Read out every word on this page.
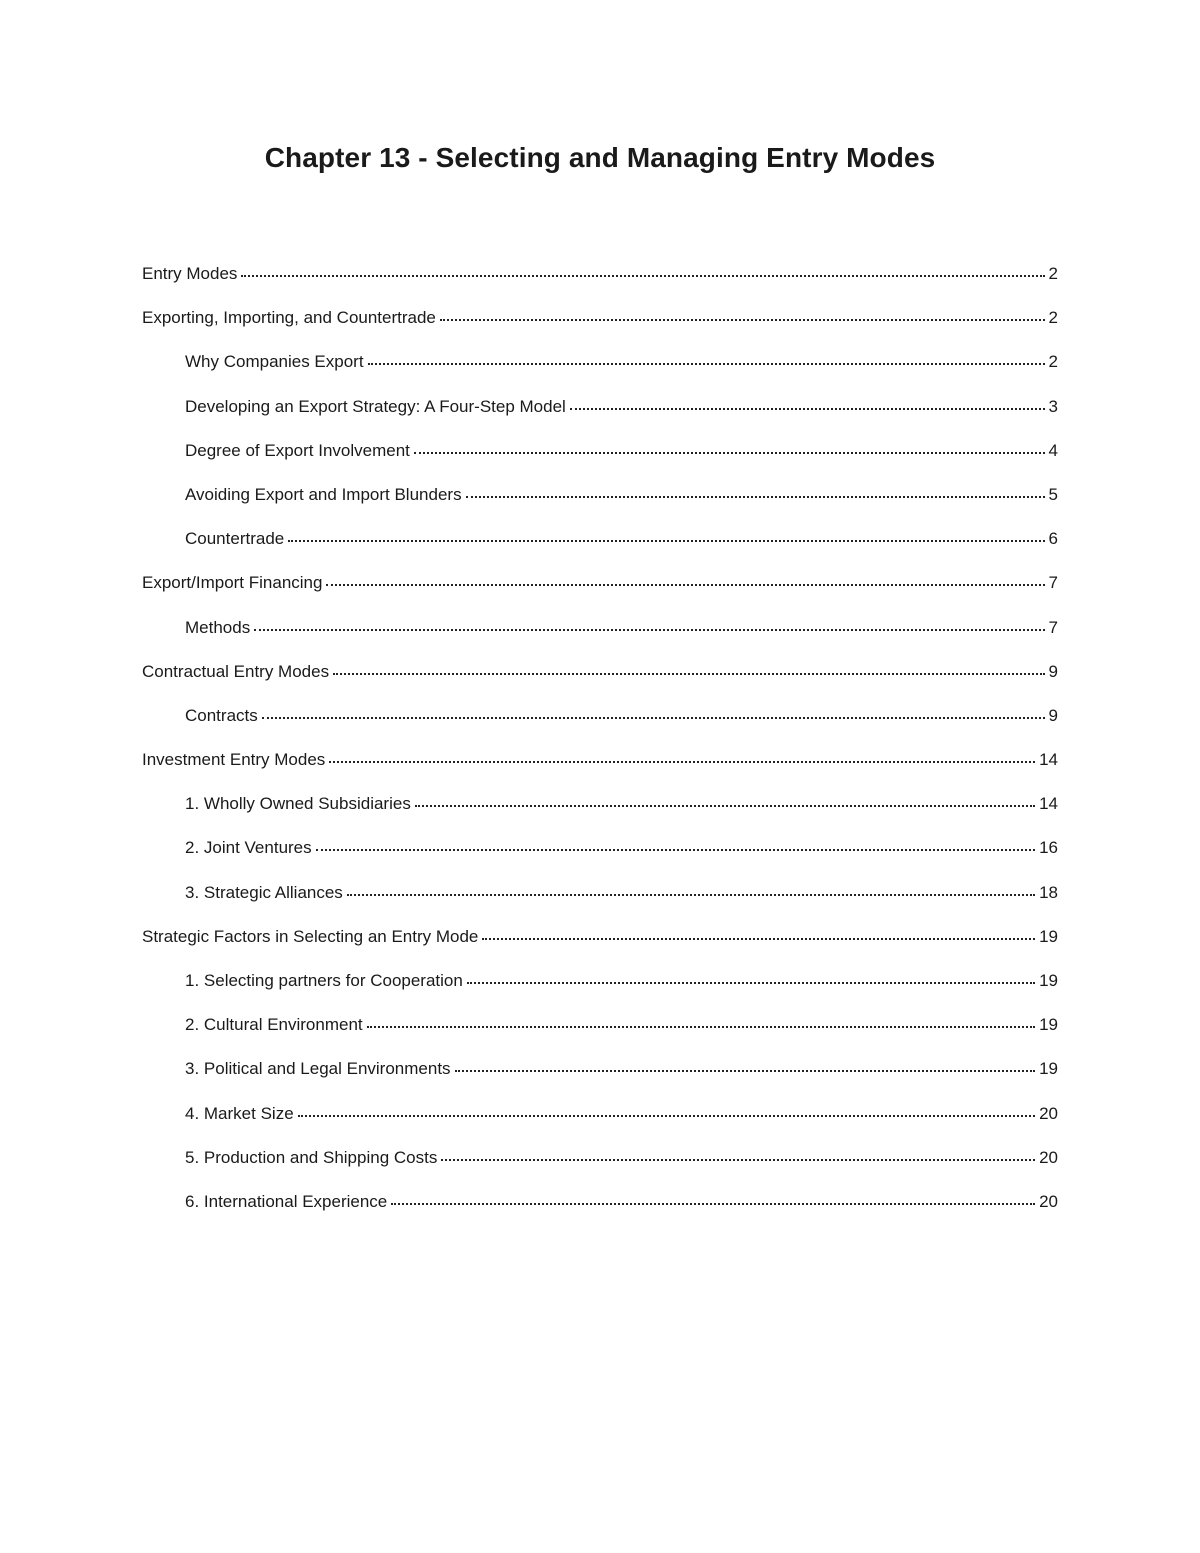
Chapter 13 - Selecting and Managing Entry Modes
Entry Modes	2
Exporting, Importing, and Countertrade	2
Why Companies Export	2
Developing an Export Strategy: A Four-Step Model	3
Degree of Export Involvement	4
Avoiding Export and Import Blunders	5
Countertrade	6
Export/Import Financing	7
Methods	7
Contractual Entry Modes	9
Contracts	9
Investment Entry Modes	14
1. Wholly Owned Subsidiaries	14
2. Joint Ventures	16
3. Strategic Alliances	18
Strategic Factors in Selecting an Entry Mode	19
1. Selecting partners for Cooperation	19
2. Cultural Environment	19
3. Political and Legal Environments	19
4. Market Size	20
5. Production and Shipping Costs	20
6. International Experience	20
